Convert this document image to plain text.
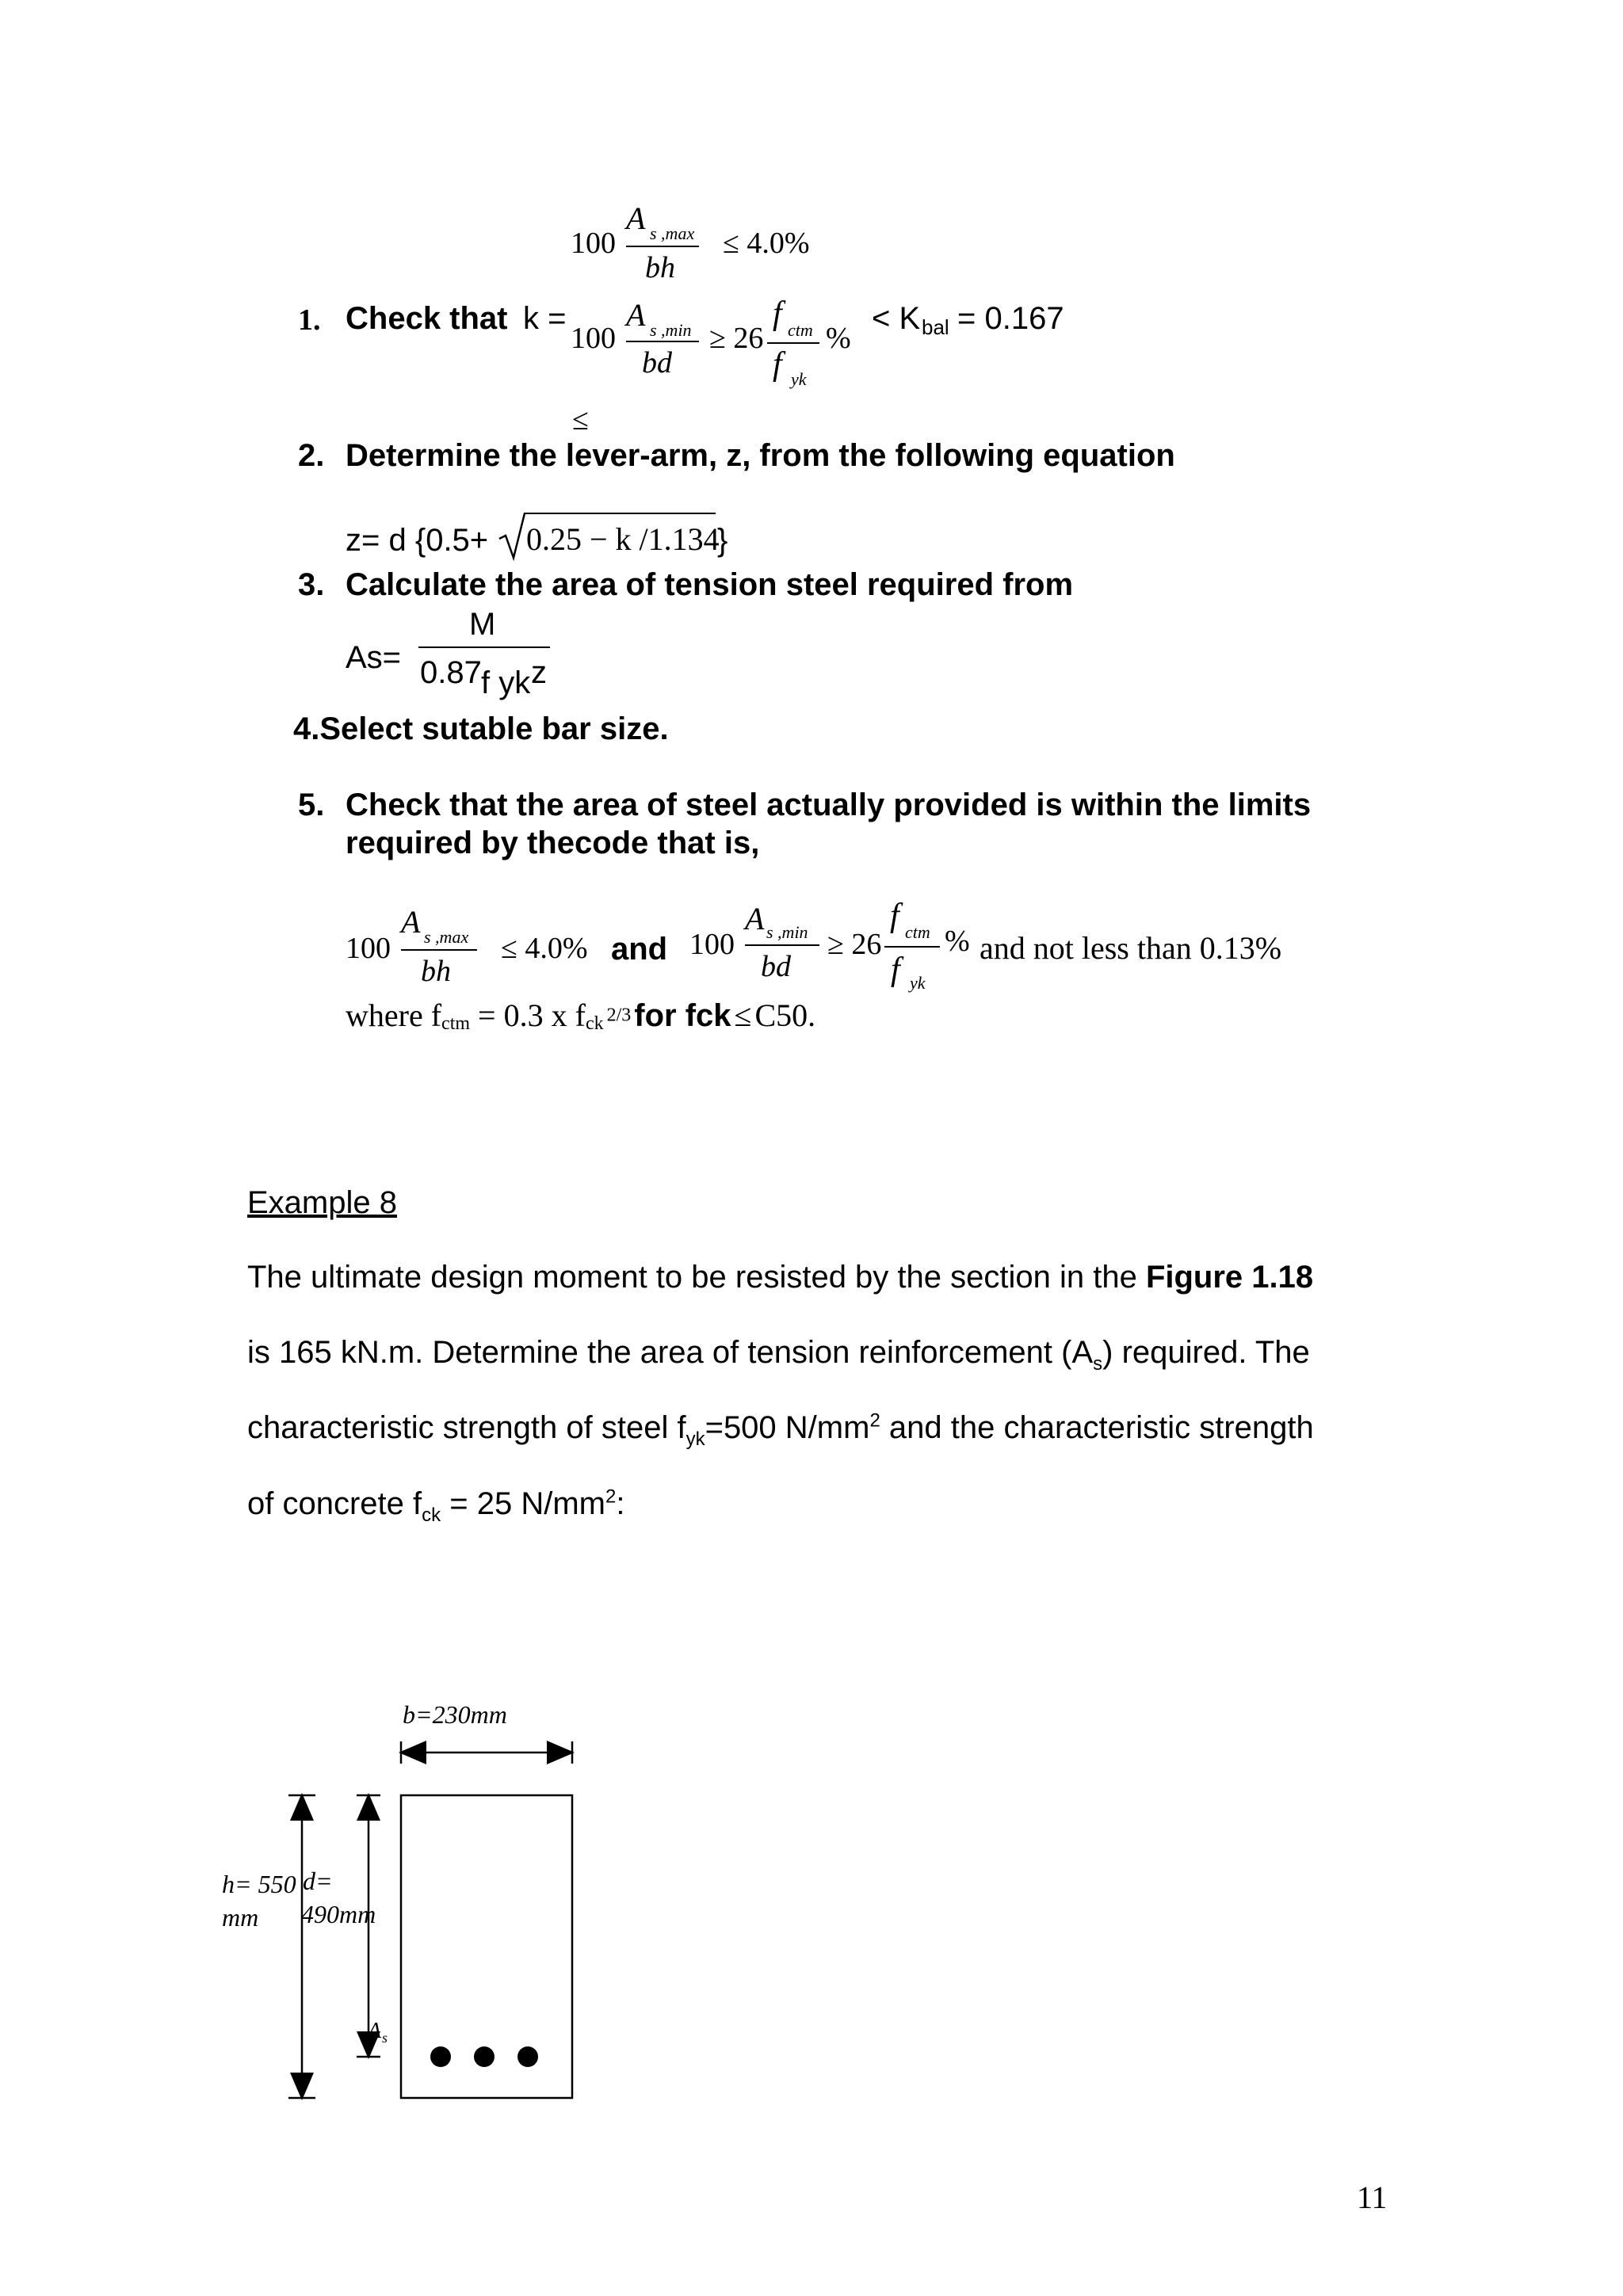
100
A s ,max
bh
≤ 4.0%
1. Check that k =
100
A s ,min
bd
≥ 26
f ctm
f yk
%
< K bal = 0.167
≤
2. Determine the lever-arm, z, from the following equation
z= d {0.5+ 0.25 − k /1.134
}
3. Calculate the area of tension steel required from
As=
M
0.87 f yk z
4.Select sutable bar size.
5. Check that the area of steel actually provided is within the limits
required by thecode that is,
100
A s ,max
bh
≤ 4.0% and 100
A s ,min
bd
≥ 26
f ctm
f yk
% and not less than 0.13%
where $f_{ctm} = 0.3$ x $f_{ck}$ $^{2/3}$ for fck ≤ C50.
Example 8
The ultimate design moment to be resisted by the section in the Figure 1.18
is 165 kN.m. Determine the area of tension reinforcement $(A_s)$ required. The
characteristic strength of steel $f_{yk}=500$ $N/mm^2$ and the characteristic strength
of concrete $f_{ck} = 25$ $N/mm^2$:
b=230mm
h= 550
mm
d=
490mm
A s
11
